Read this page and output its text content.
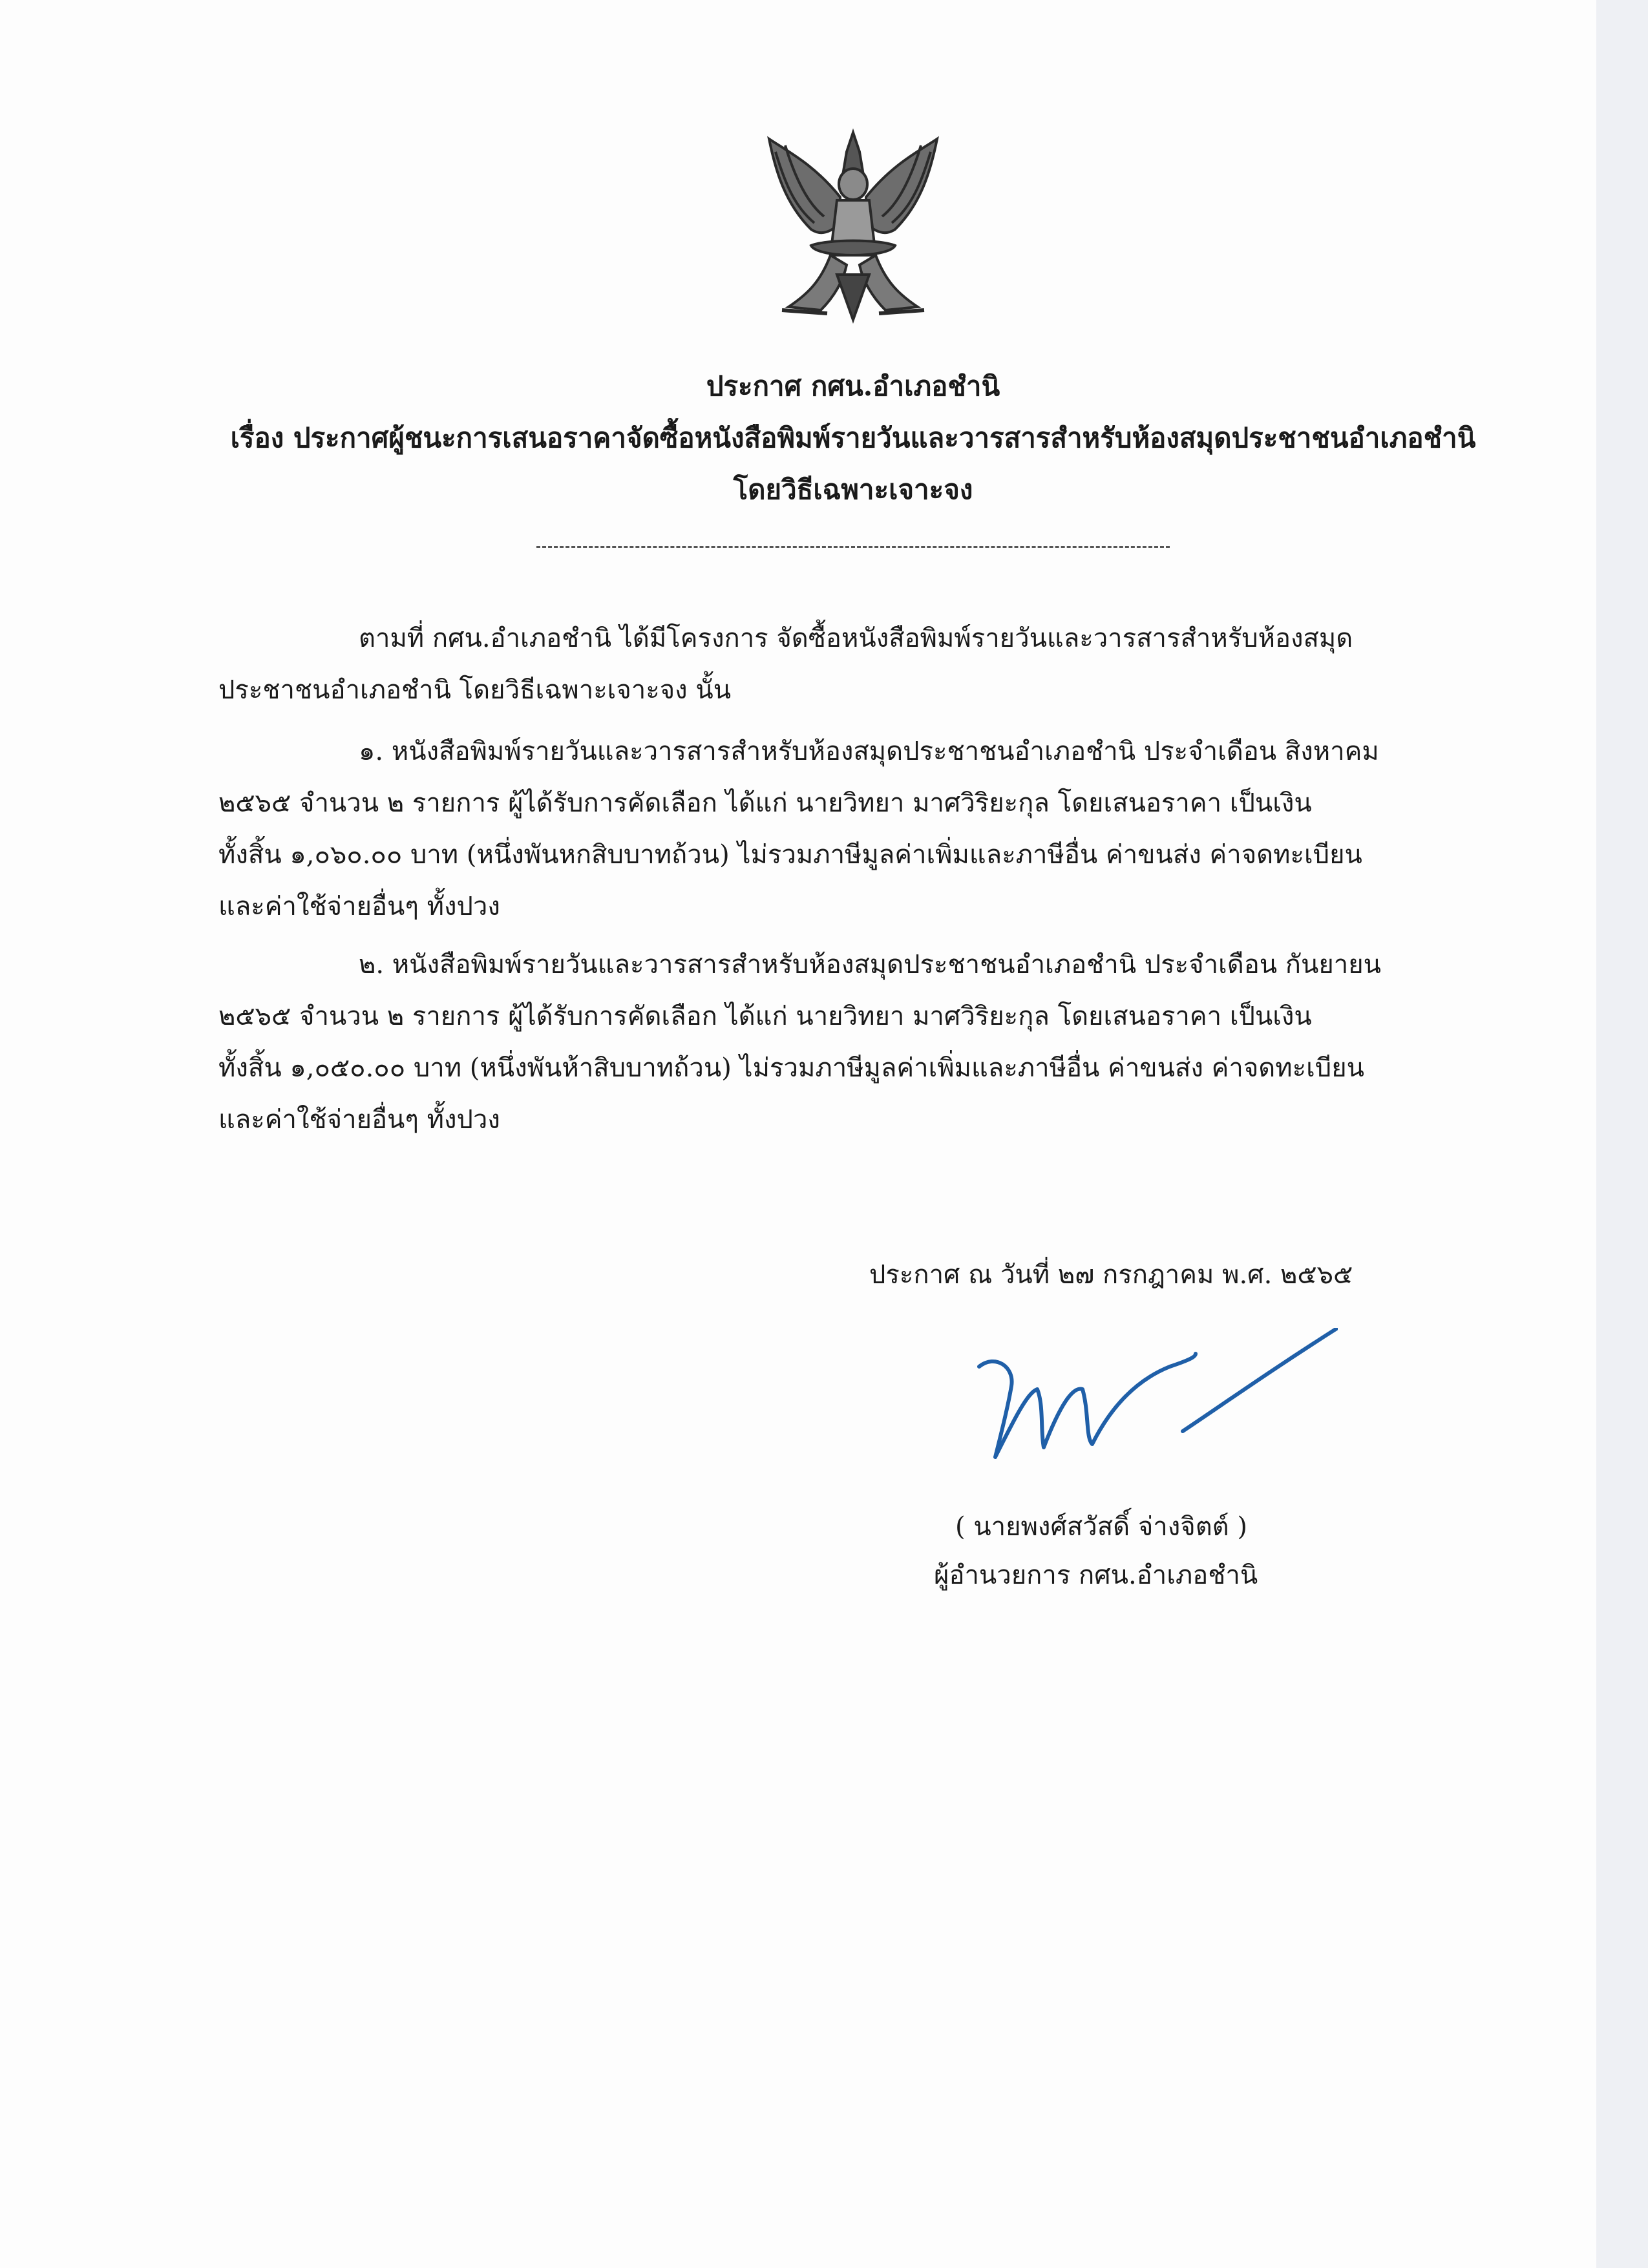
ประกาศ กศน.อำเภอชำนิ
เรื่อง ประกาศผู้ชนะการเสนอราคาจัดซื้อหนังสือพิมพ์รายวันและวารสารสำหรับห้องสมุดประชาชนอำเภอชำนิ
โดยวิธีเฉพาะเจาะจง
ตามที่ กศน.อำเภอชำนิ ได้มีโครงการ จัดซื้อหนังสือพิมพ์รายวันและวารสารสำหรับห้องสมุด
ประชาชนอำเภอชำนิ โดยวิธีเฉพาะเจาะจง นั้น
๑. หนังสือพิมพ์รายวันและวารสารสำหรับห้องสมุดประชาชนอำเภอชำนิ ประจำเดือน สิงหาคม
๒๕๖๕ จำนวน ๒ รายการ ผู้ได้รับการคัดเลือก ได้แก่ นายวิทยา มาศวิริยะกุล โดยเสนอราคา เป็นเงิน
ทั้งสิ้น ๑,๐๖๐.๐๐ บาท (หนึ่งพันหกสิบบาทถ้วน) ไม่รวมภาษีมูลค่าเพิ่มและภาษีอื่น ค่าขนส่ง ค่าจดทะเบียน
และค่าใช้จ่ายอื่นๆ ทั้งปวง
๒. หนังสือพิมพ์รายวันและวารสารสำหรับห้องสมุดประชาชนอำเภอชำนิ ประจำเดือน กันยายน
๒๕๖๕ จำนวน ๒ รายการ ผู้ได้รับการคัดเลือก ได้แก่ นายวิทยา มาศวิริยะกุล โดยเสนอราคา เป็นเงิน
ทั้งสิ้น ๑,๐๕๐.๐๐ บาท (หนึ่งพันห้าสิบบาทถ้วน) ไม่รวมภาษีมูลค่าเพิ่มและภาษีอื่น ค่าขนส่ง ค่าจดทะเบียน
และค่าใช้จ่ายอื่นๆ ทั้งปวง
ประกาศ ณ วันที่ ๒๗ กรกฎาคม พ.ศ. ๒๕๖๕
( นายพงศ์สวัสดิ์ จ่างจิตต์ )
ผู้อำนวยการ กศน.อำเภอชำนิ
